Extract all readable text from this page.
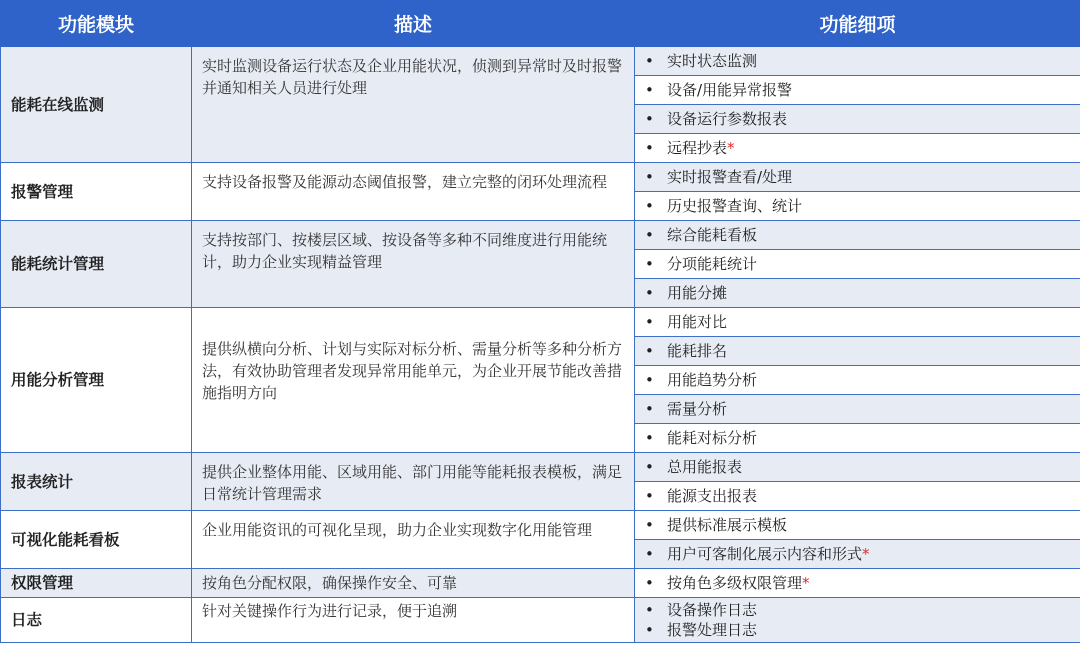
功能模块	描述	功能细项
能耗在线监测	实时监测设备运行状态及企业用能状况，侦测到异常时及时报警并通知相关人员进行处理	• 实时状态监测
		• 设备/用能异常报警
		• 设备运行参数报表
		• 远程抄表*
报警管理	支持设备报警及能源动态阈值报警，建立完整的闭环处理流程	• 实时报警查看/处理
		• 历史报警查询、统计
能耗统计管理	支持按部门、按楼层区域、按设备等多种不同维度进行用能统计，助力企业实现精益管理	• 综合能耗看板
		• 分项能耗统计
		• 用能分摊
用能分析管理	提供纵横向分析、计划与实际对标分析、需量分析等多种分析方法，有效协助管理者发现异常用能单元，为企业开展节能改善措施指明方向	• 用能对比
		• 能耗排名
		• 用能趋势分析
		• 需量分析
		• 能耗对标分析
报表统计	提供企业整体用能、区域用能、部门用能等能耗报表模板，满足日常统计管理需求	• 总用能报表
		• 能源支出报表
可视化能耗看板	企业用能资讯的可视化呈现，助力企业实现数字化用能管理	• 提供标准展示模板
		• 用户可客制化展示内容和形式*
权限管理	按角色分配权限，确保操作安全、可靠	• 按角色多级权限管理*
日志	针对关键操作行为进行记录，便于追溯	• 设备操作日志
• 报警处理日志
